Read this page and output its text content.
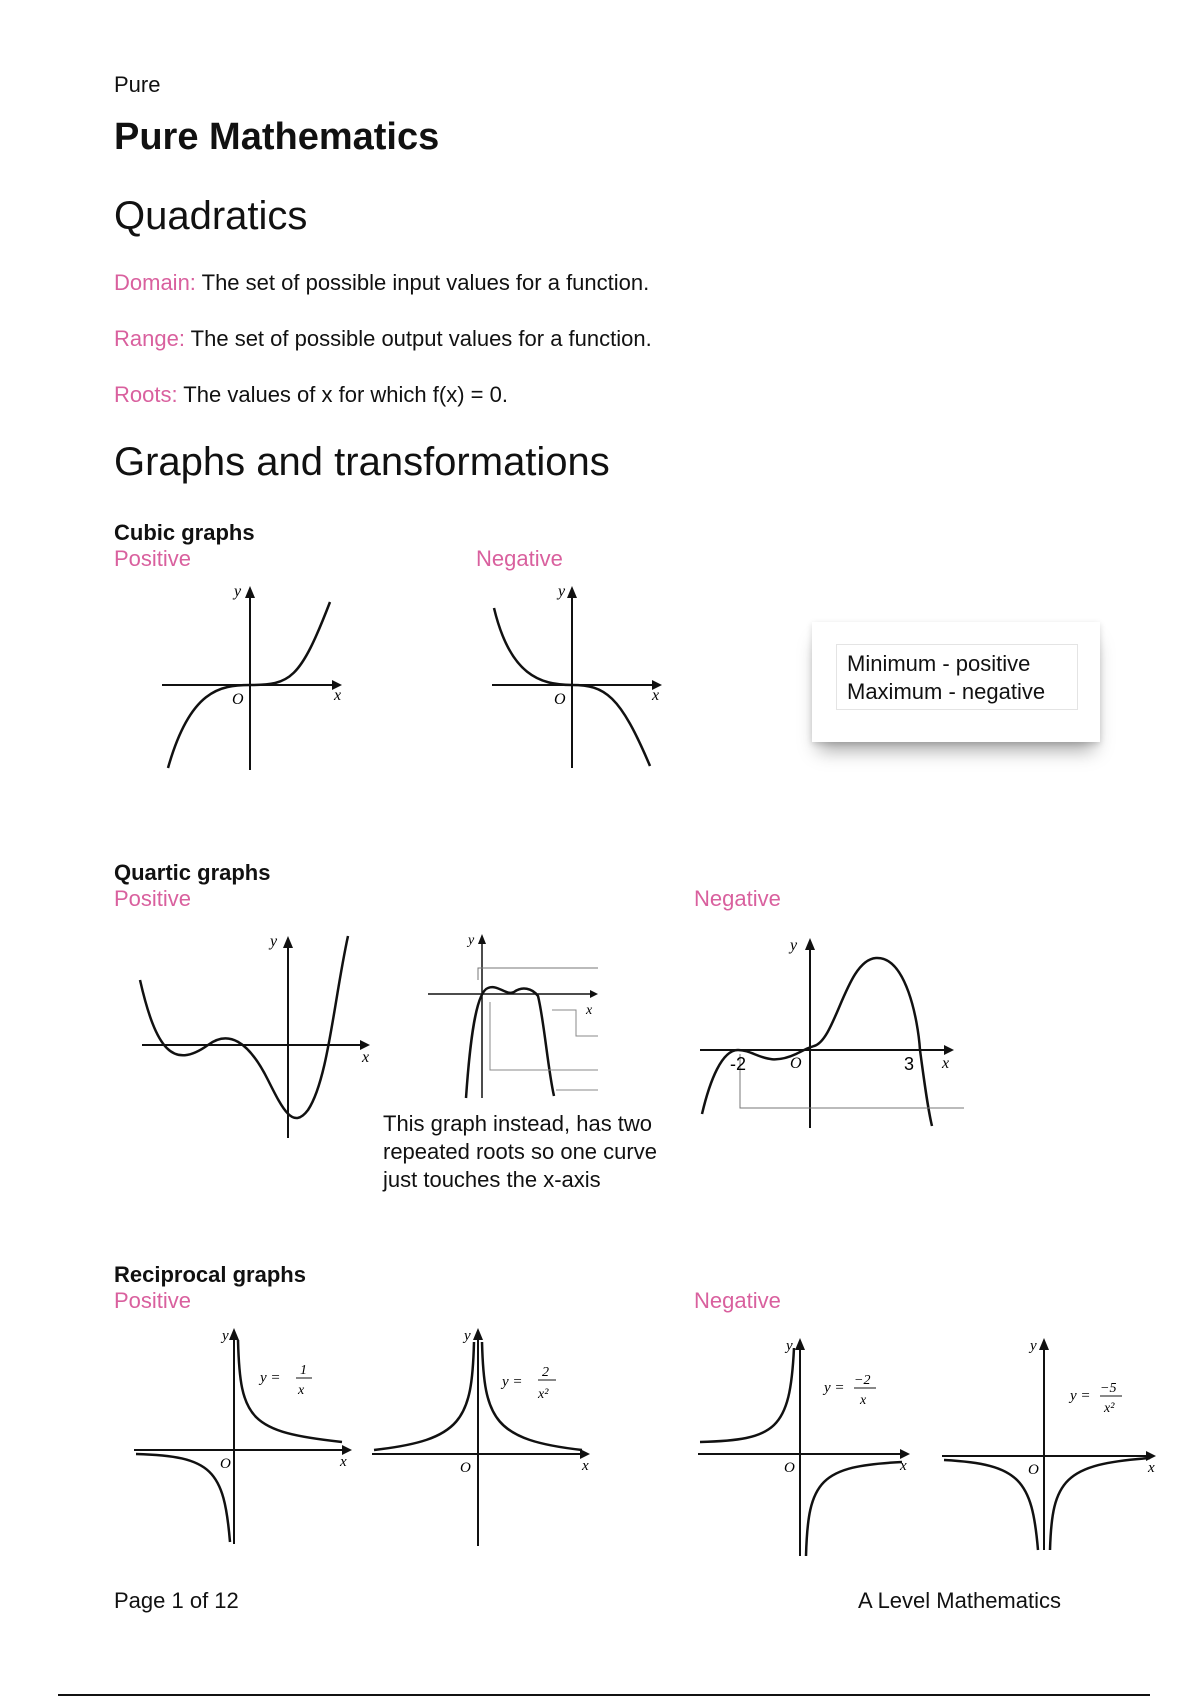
Pure
Pure Mathematics
Quadratics
Domain: The set of possible input values for a function.
Range: The set of possible output values for a function.
Roots: The values of x for which f(x) = 0.
Graphs and transformations
Cubic graphs
Positive	Negative
y
x
O
y
x
O
Minimum - positive
Maximum - negative
Quartic graphs
Positive	Negative
y
x
y
x
This graph instead, has two
repeated roots so one curve
just touches the x-axis
-2	3
O
y
x
Reciprocal graphs
Positive	Negative
y
x
O
y = 1
x
y
x
O
y =
2
x²
y
x
O
y = −2
x
y
x
O
y = −5
x²
Page 1 of 12	A Level Mathematics
